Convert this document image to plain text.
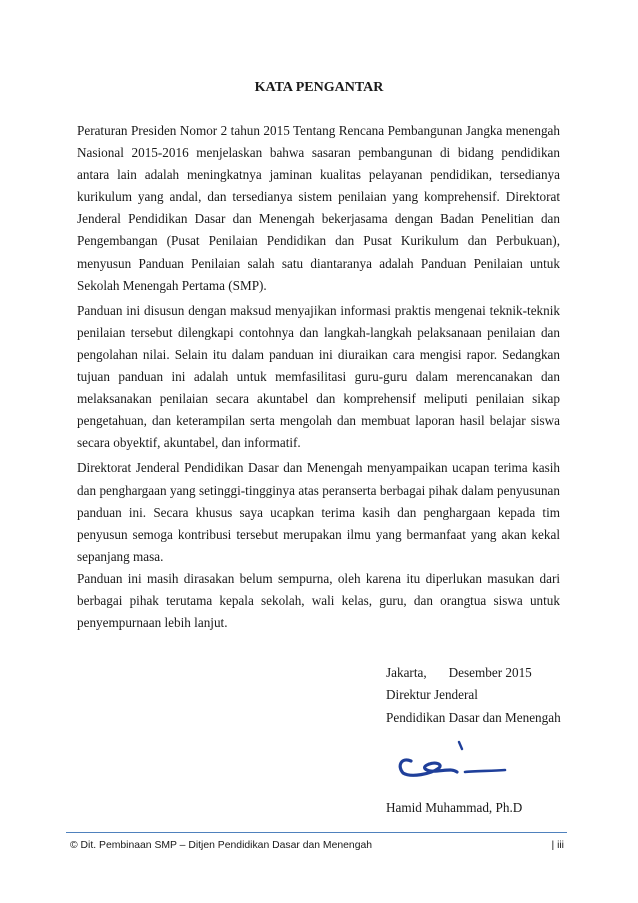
KATA PENGANTAR

Peraturan Presiden Nomor 2 tahun 2015 Tentang Rencana Pembangunan Jangka menengah Nasional 2015-2016 menjelaskan bahwa sasaran pembangunan di bidang pendidikan antara lain adalah meningkatnya jaminan kualitas pelayanan pendidikan, tersedianya kurikulum yang andal, dan tersedianya sistem penilaian yang komprehensif. Direktorat Jenderal Pendidikan Dasar dan Menengah bekerjasama dengan Badan Penelitian dan Pengembangan (Pusat Penilaian Pendidikan dan Pusat Kurikulum dan Perbukuan), menyusun Panduan Penilaian salah satu diantaranya adalah Panduan Penilaian untuk Sekolah Menengah Pertama (SMP).

Panduan ini disusun dengan maksud menyajikan informasi praktis mengenai teknik-teknik penilaian tersebut dilengkapi contohnya dan langkah-langkah pelaksanaan penilaian dan pengolahan nilai. Selain itu dalam panduan ini diuraikan cara mengisi rapor. Sedangkan tujuan panduan ini adalah untuk memfasilitasi guru-guru dalam merencanakan dan melaksanakan penilaian secara akuntabel dan komprehensif meliputi penilaian sikap pengetahuan, dan keterampilan serta mengolah dan membuat laporan hasil belajar siswa secara obyektif, akuntabel, dan informatif.

Direktorat Jenderal Pendidikan Dasar dan Menengah menyampaikan ucapan terima kasih dan penghargaan yang setinggi-tingginya atas peranserta berbagai pihak dalam penyusunan panduan ini. Secara khusus saya ucapkan terima kasih dan penghargaan kepada tim penyusun semoga kontribusi tersebut merupakan ilmu yang bermanfaat yang akan kekal sepanjang masa.

Panduan ini masih dirasakan belum sempurna, oleh karena itu diperlukan masukan dari berbagai pihak terutama kepala sekolah, wali kelas, guru, dan orangtua siswa untuk penyempurnaan lebih lanjut.

Jakarta, Desember 2015
Direktur Jenderal
Pendidikan Dasar dan Menengah
Hamid Muhammad, Ph.D
© Dit. Pembinaan SMP – Ditjen Pendidikan Dasar dan Menengah	| iii
